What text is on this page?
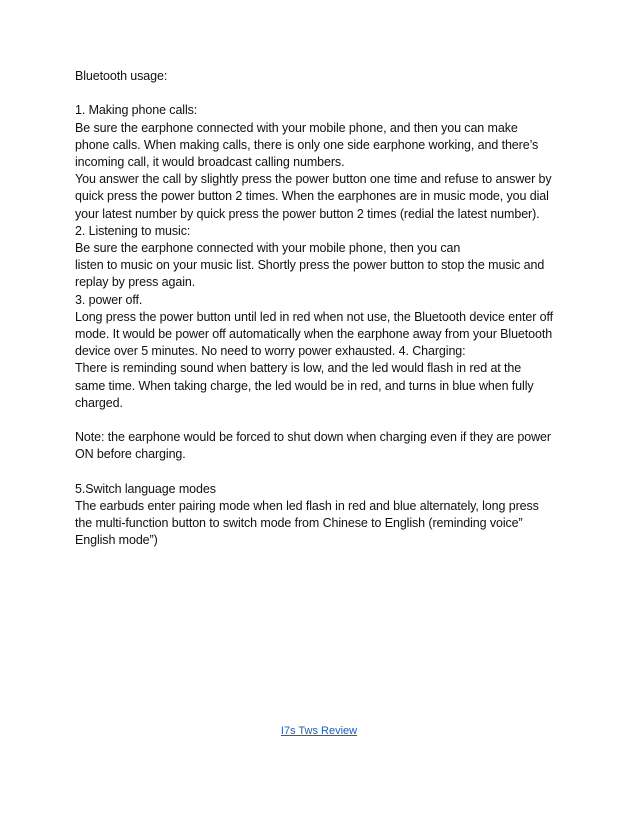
Bluetooth usage:
1. Making phone calls:
Be sure the earphone connected with your mobile phone, and then you can make
phone calls. When making calls, there is only one side earphone working, and there’s
incoming call, it would broadcast calling numbers.
You answer the call by slightly press the power button one time and refuse to answer by
quick press the power button 2 times. When the earphones are in music mode, you dial
your latest number by quick press the power button 2 times (redial the latest number).
2. Listening to music:
Be sure the earphone connected with your mobile phone, then you can
listen to music on your music list. Shortly press the power button to stop the music and
replay by press again.
3. power off.
Long press the power button until led in red when not use, the Bluetooth device enter off
mode. It would be power off automatically when the earphone away from your Bluetooth
device over 5 minutes. No need to worry power exhausted. 4. Charging:
There is reminding sound when battery is low, and the led would flash in red at the
same time. When taking charge, the led would be in red, and turns in blue when fully
charged.
Note: the earphone would be forced to shut down when charging even if they are power
ON before charging.
5.Switch language modes
The earbuds enter pairing mode when led flash in red and blue alternately, long press
the multi-function button to switch mode from Chinese to English (reminding voice”
English mode”)
I7s Tws Review
